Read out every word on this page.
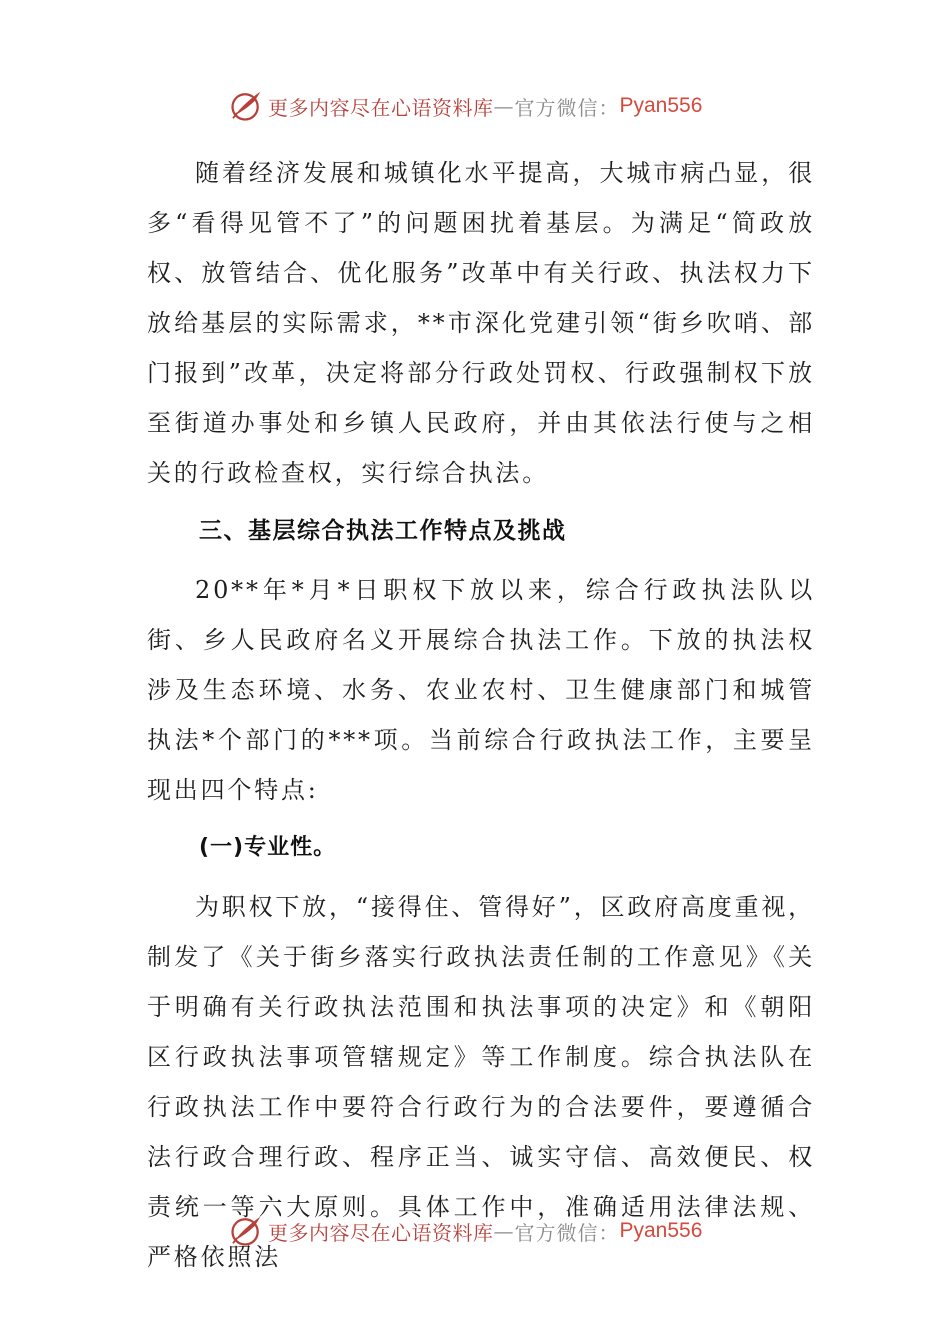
更多内容尽在心语资料库 — 官方微信： Pyan556

随着经济发展和城镇化水平提高，大城市病凸显，很多“看得见管不了”的问题困扰着基层。为满足“简政放权、放管结合、优化服务”改革中有关行政、执法权力下放给基层的实际需求，**市深化党建引领“街乡吹哨、部门报到”改革，决定将部分行政处罚权、行政强制权下放至街道办事处和乡镇人民政府，并由其依法行使与之相关的行政检查权，实行综合执法。

三、基层综合执法工作特点及挑战

20**年*月*日职权下放以来，综合行政执法队以街、乡人民政府名义开展综合执法工作。下放的执法权涉及生态环境、水务、农业农村、卫生健康部门和城管执法*个部门的***项。当前综合行政执法工作，主要呈现出四个特点:

(一)专业性。

为职权下放，“接得住、管得好”，区政府高度重视，制发了《关于街乡落实行政执法责任制的工作意见》《关于明确有关行政执法范围和执法事项的决定》和《朝阳区行政执法事项管辖规定》等工作制度。综合执法队在行政执法工作中要符合行政行为的合法要件，要遵循合法行政合理行政、程序正当、诚实守信、高效便民、权责统一等六大原则。具体工作中，准确适用法律法规、严格依照法

更多内容尽在心语资料库 — 官方微信： Pyan556
